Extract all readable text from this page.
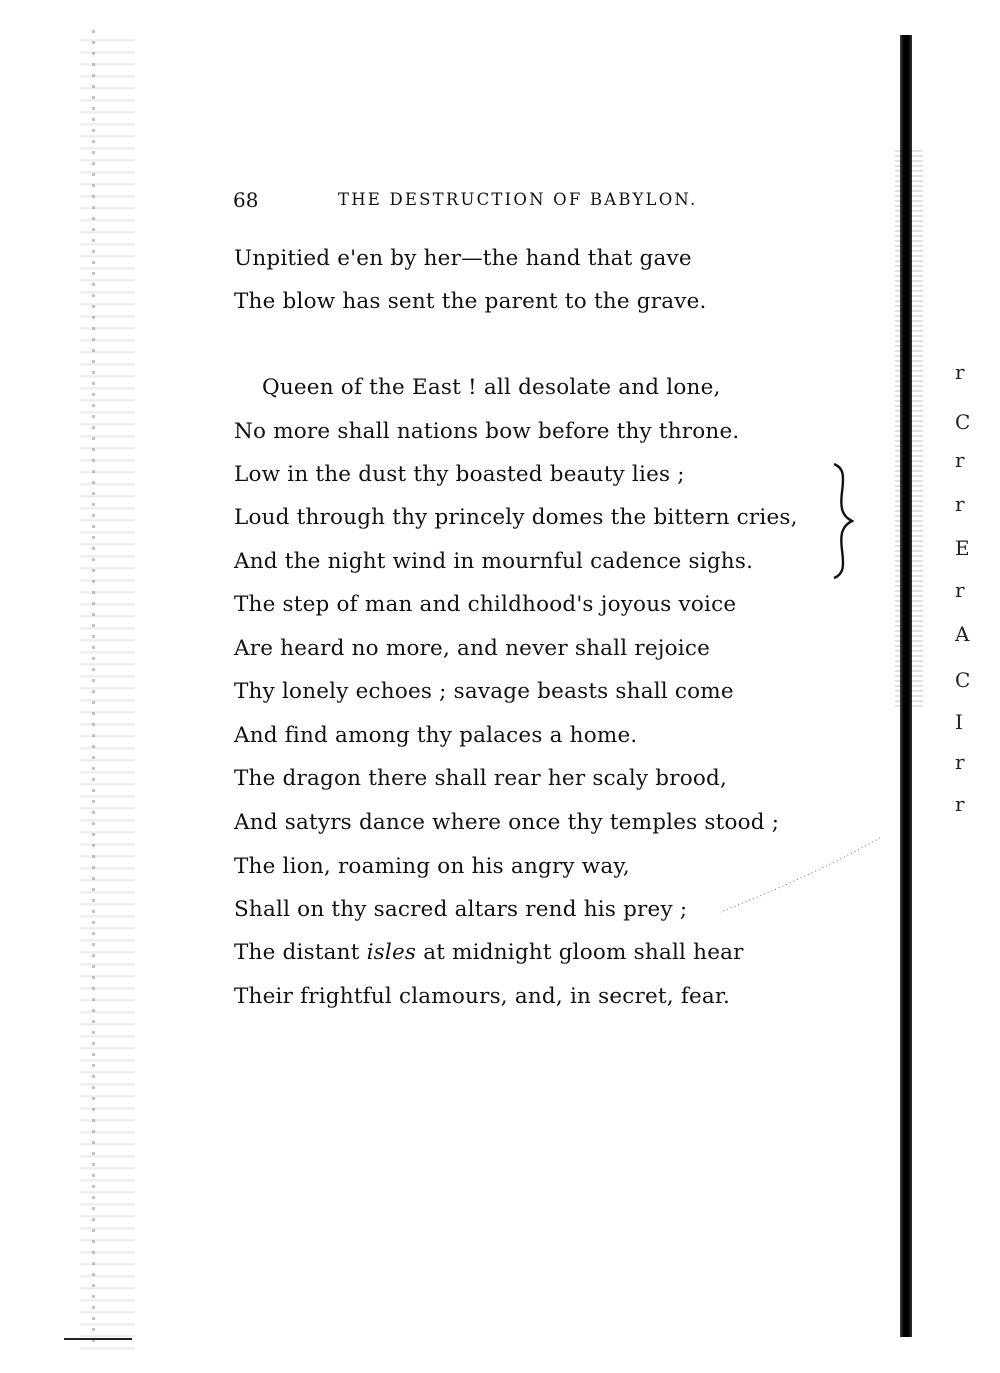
r
C
r
r
E
r
A
C
I
r
r
68	THE DESTRUCTION OF BABYLON.
Unpitied e'en by her—the hand that gave
The blow has sent the parent to the grave.
Queen of the East ! all desolate and lone,
No more shall nations bow before thy throne.
Low in the dust thy boasted beauty lies ;
Loud through thy princely domes the bittern cries,
And the night wind in mournful cadence sighs.
The step of man and childhood's joyous voice
Are heard no more, and never shall rejoice
Thy lonely echoes ; savage beasts shall come
And find among thy palaces a home.
The dragon there shall rear her scaly brood,
And satyrs dance where once thy temples stood ;
The lion, roaming on his angry way,
Shall on thy sacred altars rend his prey ;
The distant isles at midnight gloom shall hear
Their frightful clamours, and, in secret, fear.
